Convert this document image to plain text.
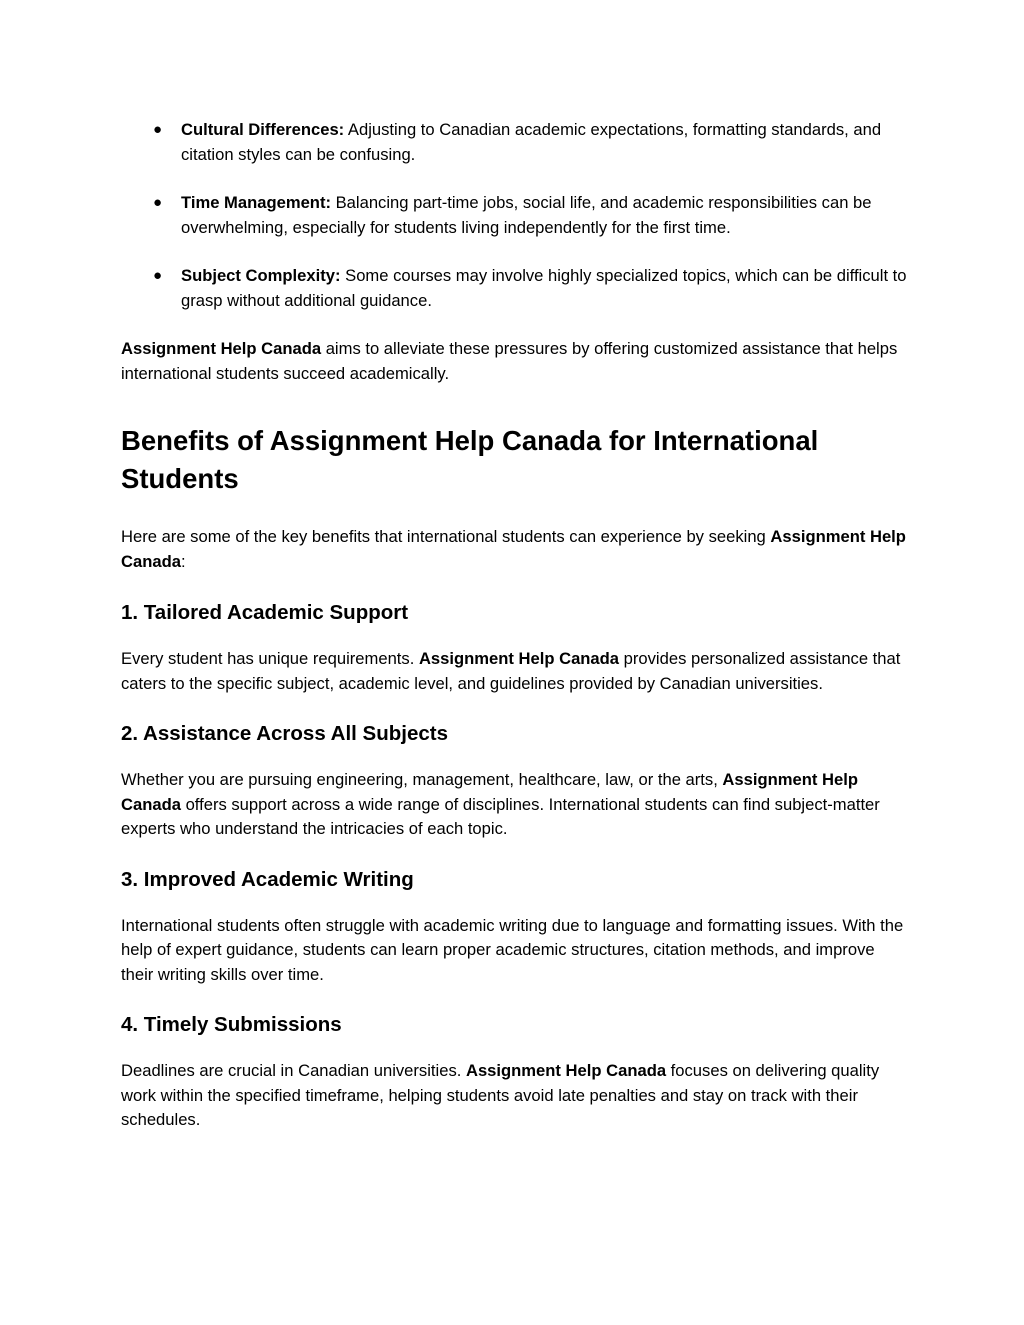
● Cultural Differences: Adjusting to Canadian academic expectations, formatting standards, and citation styles can be confusing.
● Time Management: Balancing part-time jobs, social life, and academic responsibilities can be overwhelming, especially for students living independently for the first time.
● Subject Complexity: Some courses may involve highly specialized topics, which can be difficult to grasp without additional guidance.

Assignment Help Canada aims to alleviate these pressures by offering customized assistance that helps international students succeed academically.

Benefits of Assignment Help Canada for International Students

Here are some of the key benefits that international students can experience by seeking Assignment Help Canada:

1. Tailored Academic Support

Every student has unique requirements. Assignment Help Canada provides personalized assistance that caters to the specific subject, academic level, and guidelines provided by Canadian universities.

2. Assistance Across All Subjects

Whether you are pursuing engineering, management, healthcare, law, or the arts, Assignment Help Canada offers support across a wide range of disciplines. International students can find subject-matter experts who understand the intricacies of each topic.

3. Improved Academic Writing

International students often struggle with academic writing due to language and formatting issues. With the help of expert guidance, students can learn proper academic structures, citation methods, and improve their writing skills over time.

4. Timely Submissions

Deadlines are crucial in Canadian universities. Assignment Help Canada focuses on delivering quality work within the specified timeframe, helping students avoid late penalties and stay on track with their schedules.
